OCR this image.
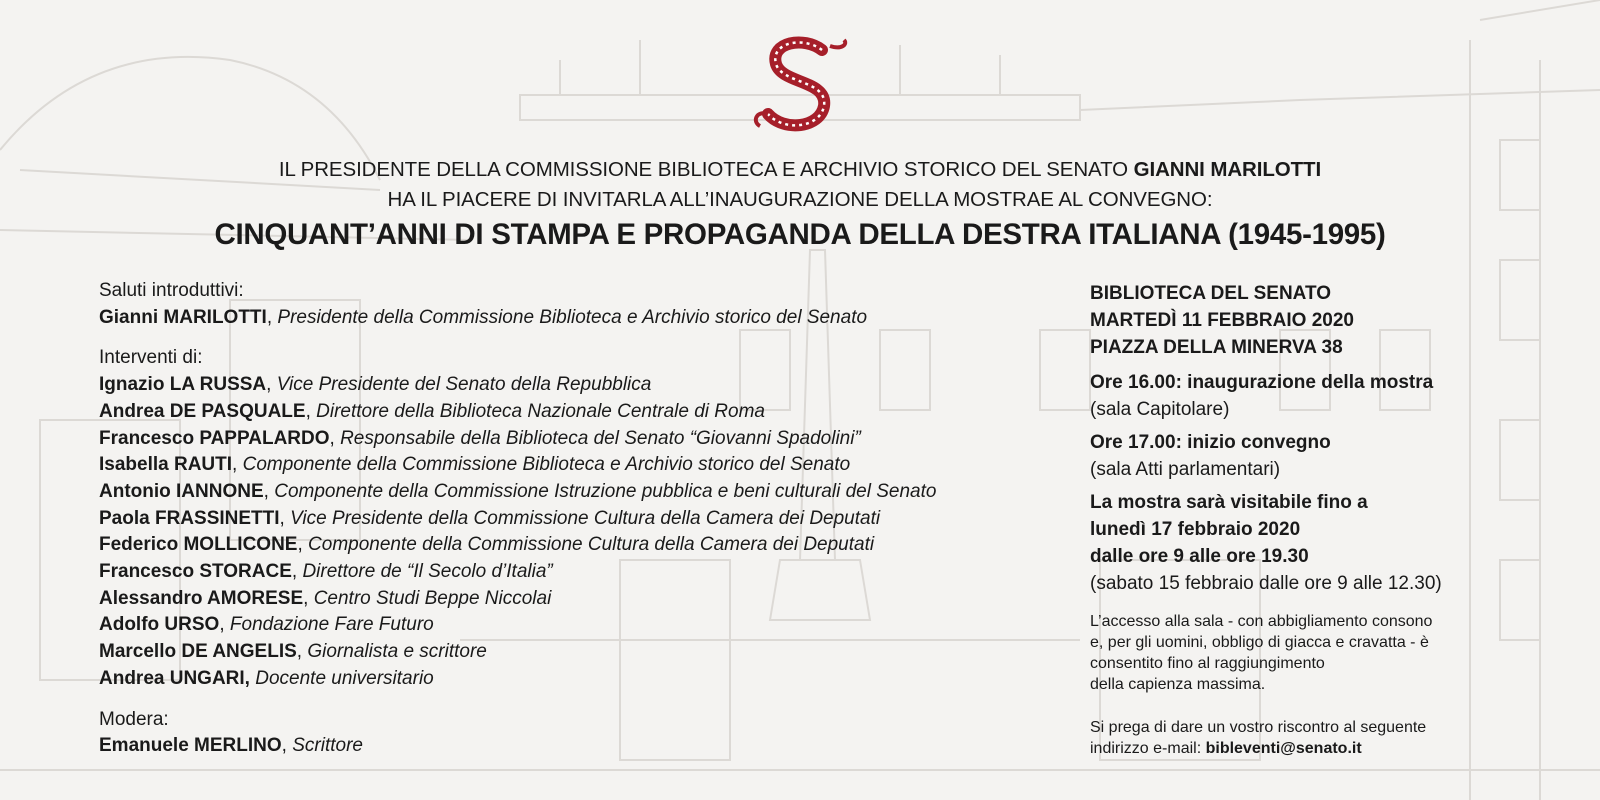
IL PRESIDENTE DELLA COMMISSIONE BIBLIOTECA E ARCHIVIO STORICO DEL SENATO GIANNI MARILOTTI
HA IL PIACERE DI INVITARLA ALL’INAUGURAZIONE DELLA MOSTRAE AL CONVEGNO:
CINQUANT’ANNI DI STAMPA E PROPAGANDA DELLA DESTRA ITALIANA (1945-1995)
Saluti introduttivi:
Gianni MARILOTTI, Presidente della Commissione Biblioteca e Archivio storico del Senato
Interventi di:
Ignazio LA RUSSA, Vice Presidente del Senato della Repubblica
Andrea DE PASQUALE, Direttore della Biblioteca Nazionale Centrale di Roma
Francesco PAPPALARDO, Responsabile della Biblioteca del Senato “Giovanni Spadolini”
Isabella RAUTI, Componente della Commissione Biblioteca e Archivio storico del Senato
Antonio IANNONE, Componente della Commissione Istruzione pubblica e beni culturali del Senato
Paola FRASSINETTI, Vice Presidente della Commissione Cultura della Camera dei Deputati
Federico MOLLICONE, Componente della Commissione Cultura della Camera dei Deputati
Francesco STORACE, Direttore de “Il Secolo d’Italia”
Alessandro AMORESE, Centro Studi Beppe Niccolai
Adolfo URSO, Fondazione Fare Futuro
Marcello DE ANGELIS, Giornalista e scrittore
Andrea UNGARI, Docente universitario
Modera:
Emanuele MERLINO, Scrittore
BIBLIOTECA DEL SENATO
MARTEDÌ 11 FEBBRAIO 2020
PIAZZA DELLA MINERVA 38
Ore 16.00: inaugurazione della mostra
(sala Capitolare)
Ore 17.00: inizio convegno
(sala Atti parlamentari)
La mostra sarà visitabile fino a
lunedì 17 febbraio 2020
dalle ore 9 alle ore 19.30
(sabato 15 febbraio dalle ore 9 alle 12.30)
L’accesso alla sala - con abbigliamento consono
e, per gli uomini, obbligo di giacca e cravatta - è
consentito fino al raggiungimento
della capienza massima.
Si prega di dare un vostro riscontro al seguente
indirizzo e-mail: bibleventi@senato.it
